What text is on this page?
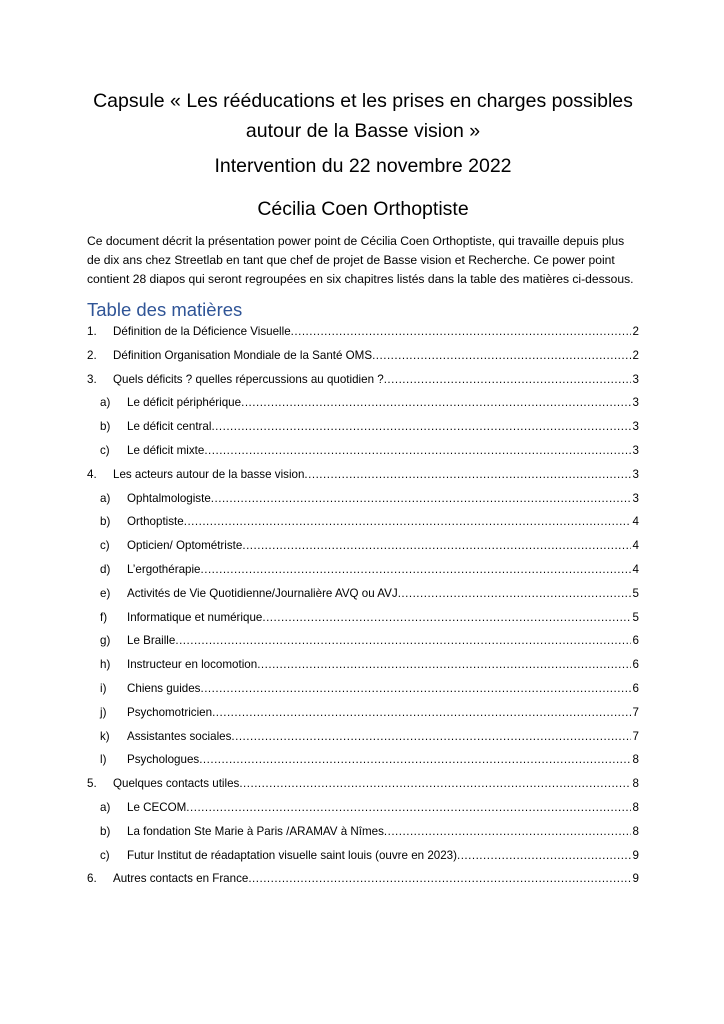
Capsule « Les rééducations et les prises en charges possibles
autour de la Basse vision »
Intervention du 22 novembre 2022
Cécilia Coen Orthoptiste
Ce document décrit la présentation power point de Cécilia Coen Orthoptiste, qui travaille depuis plus
de dix ans chez Streetlab en tant que chef de projet de Basse vision et Recherche. Ce power point
contient 28 diapos qui seront regroupées en six chapitres listés dans la table des matières ci-dessous.
Table des matières
1. Définition de la Déficience Visuelle .....	2
2. Définition Organisation Mondiale de la Santé OMS .....	2
3. Quels déficits ? quelles répercussions au quotidien ? .....	3
a) Le déficit périphérique .....	3
b) Le déficit central .....	3
c) Le déficit mixte .....	3
4. Les acteurs autour de la basse vision .....	3
a) Ophtalmologiste .....	3
b) Orthoptiste .....	4
c) Opticien/ Optométriste .....	4
d) L’ergothérapie .....	4
e) Activités de Vie Quotidienne/Journalière AVQ ou AVJ .....	5
f) Informatique et numérique .....	5
g) Le Braille .....	6
h) Instructeur en locomotion .....	6
i) Chiens guides .....	6
j) Psychomotricien .....	7
k) Assistantes sociales .....	7
l) Psychologues .....	8
5. Quelques contacts utiles .....	8
a) Le CECOM .....	8
b) La fondation Ste Marie à Paris /ARAMAV à Nîmes .....	8
c) Futur Institut de réadaptation visuelle saint louis (ouvre en 2023) .....	9
6. Autres contacts en France .....	9
